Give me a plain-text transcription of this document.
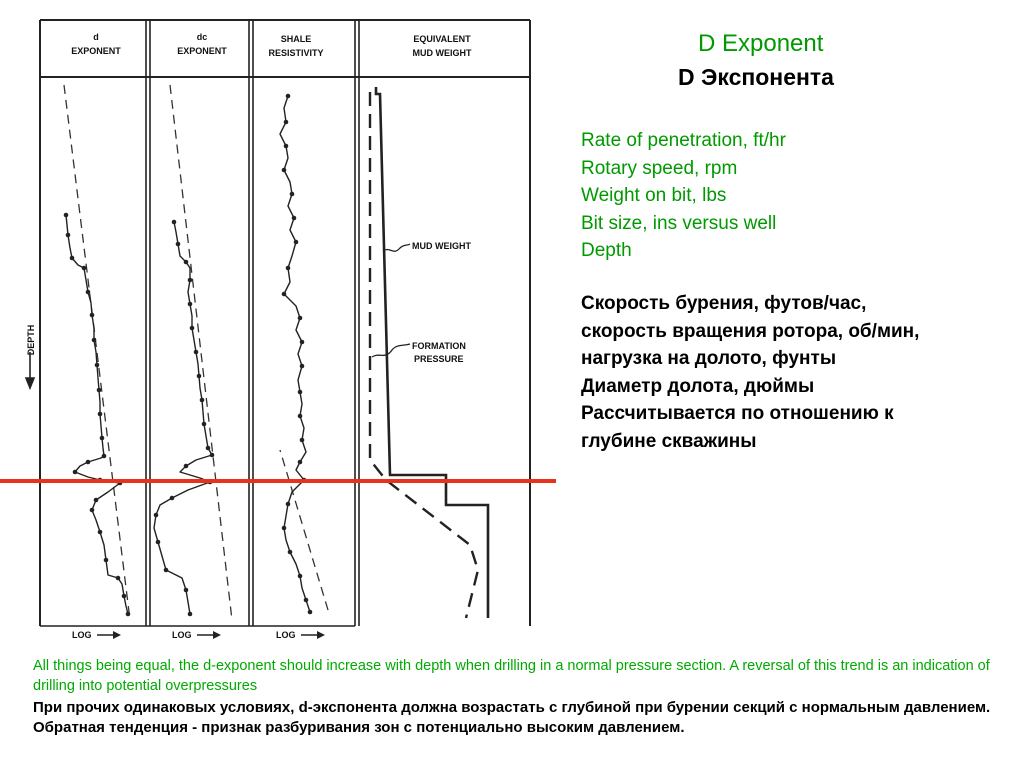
d
EXPONENT
dc
EXPONENT
SHALE
RESISTIVITY
EQUIVALENT
MUD WEIGHT
DEPTH
LOG	LOG	LOG
MUD WEIGHT
FORMATION
PRESSURE
D Exponent
D Экспонента
Rate of penetration, ft/hr
Rotary speed, rpm
Weight on bit, lbs
Bit size, ins versus well
Depth
Скорость бурения, футов/час,
скорость вращения ротора, об/мин,
нагрузка на долото, фунты
Диаметр долота, дюймы
Рассчитывается по отношению к
глубине скважины

All things being equal, the d-exponent should increase with depth when drilling in a normal pressure section. A reversal of this trend is an indication of drilling into potential overpressures

При прочих одинаковых условиях, d-экспонента должна возрастать с глубиной при бурении секций с нормальным давлением. Обратная тенденция - признак разбуривания зон с потенциально высоким давлением.
